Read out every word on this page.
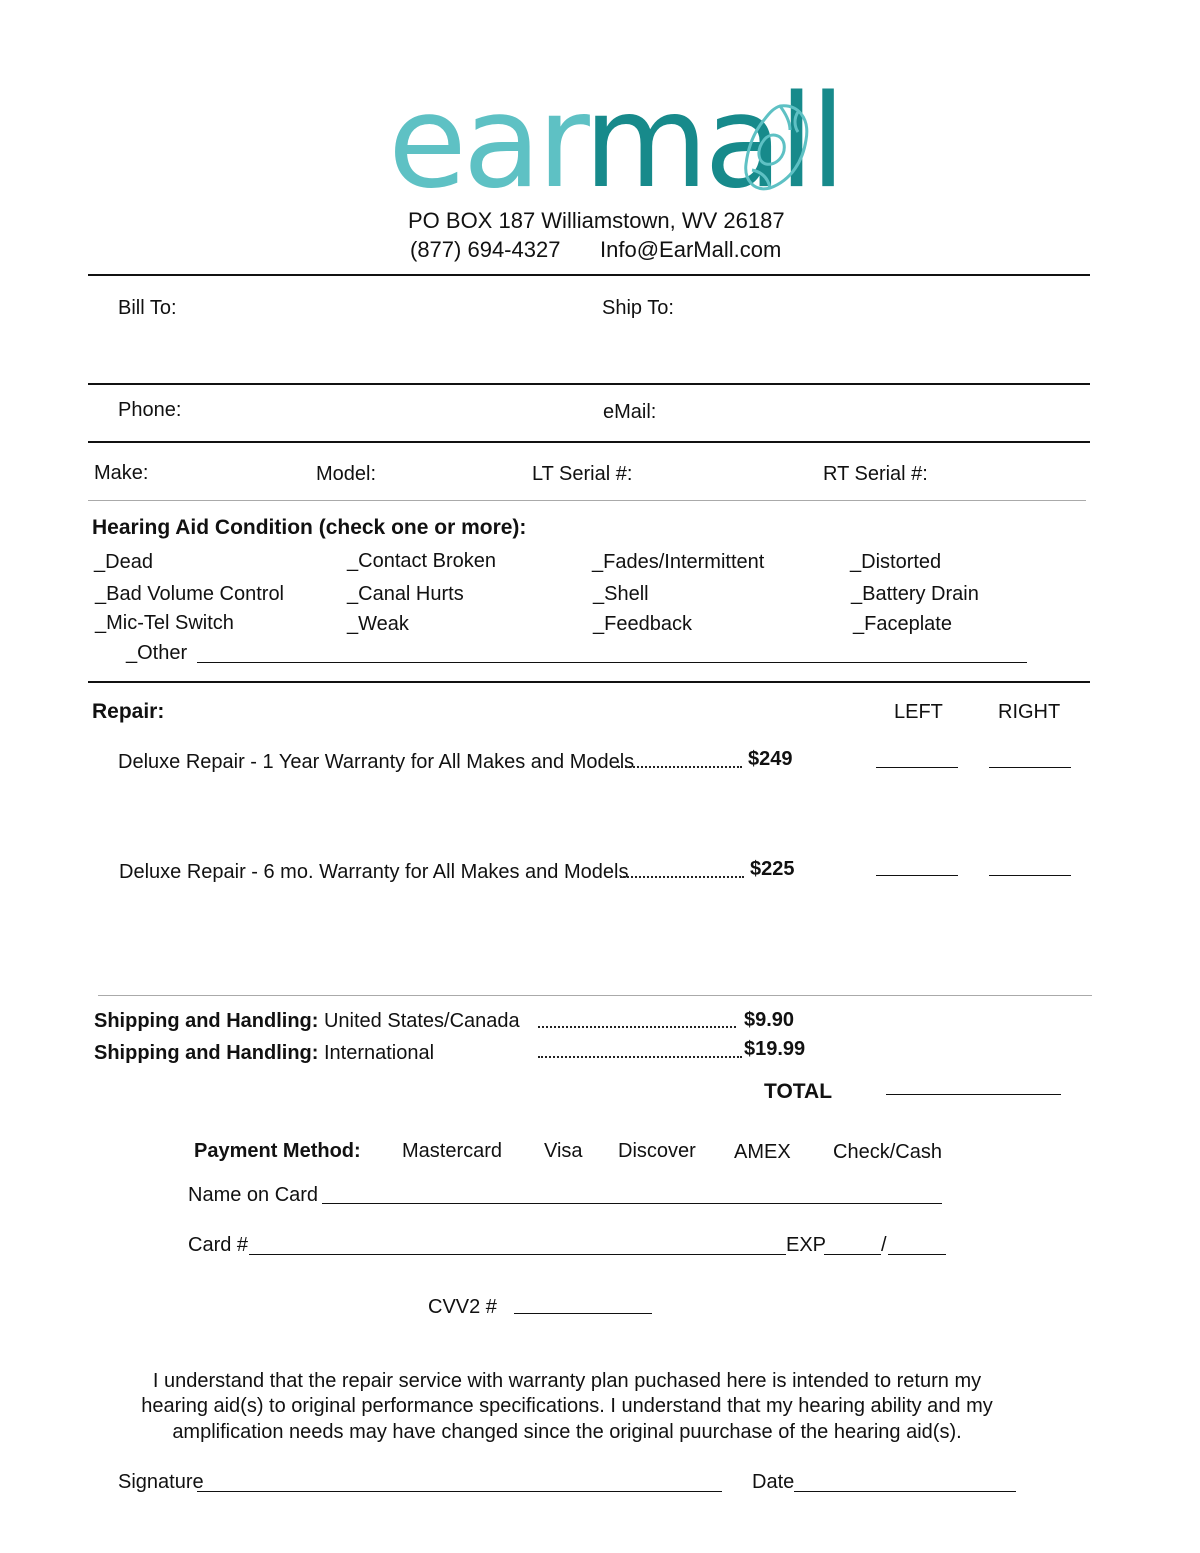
earmall
PO BOX 187 Williamstown, WV 26187
(877) 694-4327 Info@EarMall.com
Bill To:	Ship To:
Phone:	eMail:
Make:	Model:	LT Serial #:	RT Serial #:
Hearing Aid Condition (check one or more):
_Dead	_Contact Broken	_Fades/Intermittent	_Distorted
_Bad Volume Control	_Canal Hurts	_Shell	_Battery Drain
_Mic-Tel Switch	_Weak	_Feedback	_Faceplate
_Other
Repair:	LEFT	RIGHT
Deluxe Repair - 1 Year Warranty for All Makes and Models	$249
Deluxe Repair - 6 mo. Warranty for All Makes and Models	$225
Shipping and Handling: United States/Canada	$9.90
Shipping and Handling: International	$19.99
TOTAL
Payment Method: Mastercard Visa Discover AMEX Check/Cash
Name on Card
Card #	EXP	/
CVV2 #
I understand that the repair service with warranty plan puchased here is intended to return my
hearing aid(s) to original performance specifications. I understand that my hearing ability and my
amplification needs may have changed since the original puurchase of the hearing aid(s).
Signature	Date
